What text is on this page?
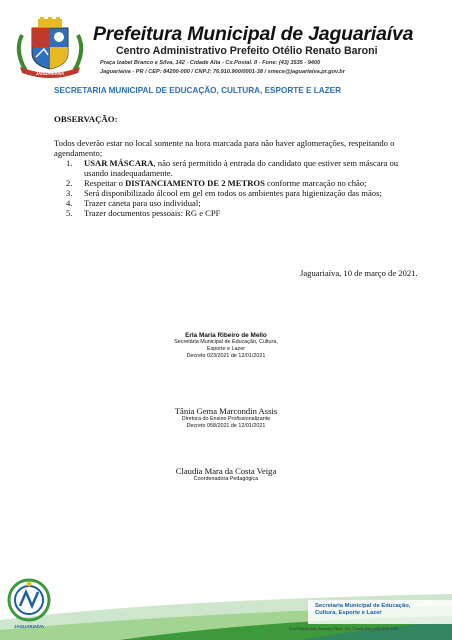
JAGUARIAÍVA
Prefeitura Municipal de Jaguariaíva
Centro Administrativo Prefeito Otélio Renato Baroni
Praça Izabel Branco e Silva, 142 - Cidade Alta - Cx.Postal. II - Fone: (43) 3535 - 9400
Jaguariaíva - PR / CEP: 84200-000 / CNPJ: 76.910.900/0001-38 / smece@jaguariaiva.pr.gov.br
SECRETARIA MUNICIPAL DE EDUCAÇÃO, CULTURA, ESPORTE E LAZER
OBSERVAÇÃO:
Todos deverão estar no local somente na hora marcada para não haver aglomerações, respeitando o agendamento;
1. USAR MÁSCARA, não será permitido à entrada do candidato que estiver sem máscara ou usando inadequadamente.
2. Respeitar o DISTANCIAMENTO DE 2 METROS conforme marcação no chão;
3. Será disponibilizado álcool em gel em todos os ambientes para higienização das mãos;
4. Trazer caneta para uso individual;
5. Trazer documentos pessoais: RG e CPF
Jaguariaíva, 10 de março de 2021.
Erla Maria Ribeiro de Mello
Secretária Municipal de Educação, Cultura,
Esporte e Lazer
Decreto 023/2021 de 12/01/2021
Tânia Gema Marcondin Assis
Diretora do Ensino Profissionalizante
Decreto 058/2021 de 12/01/2021
Claudia Mara da Costa Veiga
Coordenadora Pedagógica
JAGUARIAÍVA
Secretaria Municipal de Educação,
Cultura, Esporte e Lazer
Rua Prefeito Aldo Sampaio Ribas, 109, Cidade Alta | (43) 3535-1200
